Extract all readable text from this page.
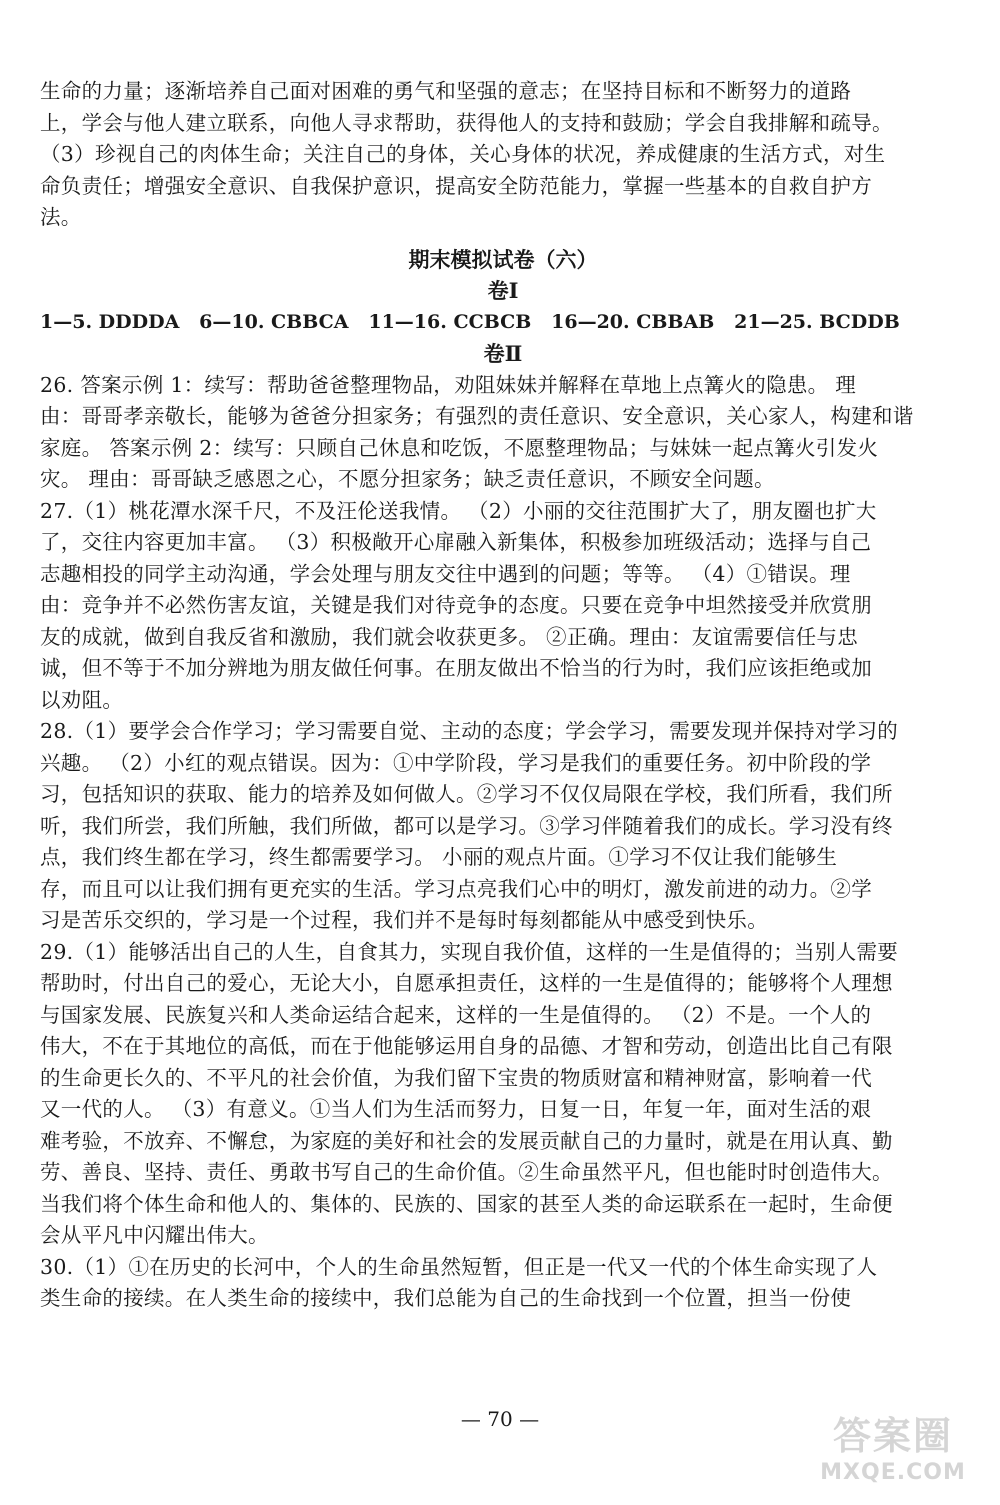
生命的力量；逐渐培养自己面对困难的勇气和坚强的意志；在坚持目标和不断努力的道路
上，学会与他人建立联系，向他人寻求帮助，获得他人的支持和鼓励；学会自我排解和疏导。
（3）珍视自己的肉体生命；关注自己的身体，关心身体的状况，养成健康的生活方式，对生
命负责任；增强安全意识、自我保护意识，提高安全防范能力，掌握一些基本的自救自护方
法。
期末模拟试卷（六）
卷Ⅰ
1—5. DDDDA   6—10. CBBCA   11—16. CCBCB   16—20. CBBAB   21—25. BCDDB
卷Ⅱ
26. 答案示例 1：续写：帮助爸爸整理物品，劝阻妹妹并解释在草地上点篝火的隐患。 理
由：哥哥孝亲敬长，能够为爸爸分担家务；有强烈的责任意识、安全意识，关心家人，构建和谐
家庭。 答案示例 2：续写：只顾自己休息和吃饭，不愿整理物品；与妹妹一起点篝火引发火
灾。 理由：哥哥缺乏感恩之心，不愿分担家务；缺乏责任意识，不顾安全问题。
27.（1）桃花潭水深千尺，不及汪伦送我情。 （2）小丽的交往范围扩大了，朋友圈也扩大
了，交往内容更加丰富。 （3）积极敞开心扉融入新集体，积极参加班级活动；选择与自己
志趣相投的同学主动沟通，学会处理与朋友交往中遇到的问题；等等。 （4）①错误。理
由：竞争并不必然伤害友谊，关键是我们对待竞争的态度。只要在竞争中坦然接受并欣赏朋
友的成就，做到自我反省和激励，我们就会收获更多。 ②正确。理由：友谊需要信任与忠
诚，但不等于不加分辨地为朋友做任何事。在朋友做出不恰当的行为时，我们应该拒绝或加
以劝阻。
28.（1）要学会合作学习；学习需要自觉、主动的态度；学会学习，需要发现并保持对学习的
兴趣。 （2）小红的观点错误。因为：①中学阶段，学习是我们的重要任务。初中阶段的学
习，包括知识的获取、能力的培养及如何做人。②学习不仅仅局限在学校，我们所看，我们所
听，我们所尝，我们所触，我们所做，都可以是学习。③学习伴随着我们的成长。学习没有终
点，我们终生都在学习，终生都需要学习。 小丽的观点片面。①学习不仅让我们能够生
存，而且可以让我们拥有更充实的生活。学习点亮我们心中的明灯，激发前进的动力。②学
习是苦乐交织的，学习是一个过程，我们并不是每时每刻都能从中感受到快乐。
29.（1）能够活出自己的人生，自食其力，实现自我价值，这样的一生是值得的；当别人需要
帮助时，付出自己的爱心，无论大小，自愿承担责任，这样的一生是值得的；能够将个人理想
与国家发展、民族复兴和人类命运结合起来，这样的一生是值得的。 （2）不是。一个人的
伟大，不在于其地位的高低，而在于他能够运用自身的品德、才智和劳动，创造出比自己有限
的生命更长久的、不平凡的社会价值，为我们留下宝贵的物质财富和精神财富，影响着一代
又一代的人。 （3）有意义。①当人们为生活而努力，日复一日，年复一年，面对生活的艰
难考验，不放弃、不懈怠，为家庭的美好和社会的发展贡献自己的力量时，就是在用认真、勤
劳、善良、坚持、责任、勇敢书写自己的生命价值。②生命虽然平凡，但也能时时创造伟大。
当我们将个体生命和他人的、集体的、民族的、国家的甚至人类的命运联系在一起时，生命便
会从平凡中闪耀出伟大。
30.（1）①在历史的长河中，个人的生命虽然短暂，但正是一代又一代的个体生命实现了人
类生命的接续。在人类生命的接续中，我们总能为自己的生命找到一个位置，担当一份使
— 70 —	答案圈
MXQE.COM
